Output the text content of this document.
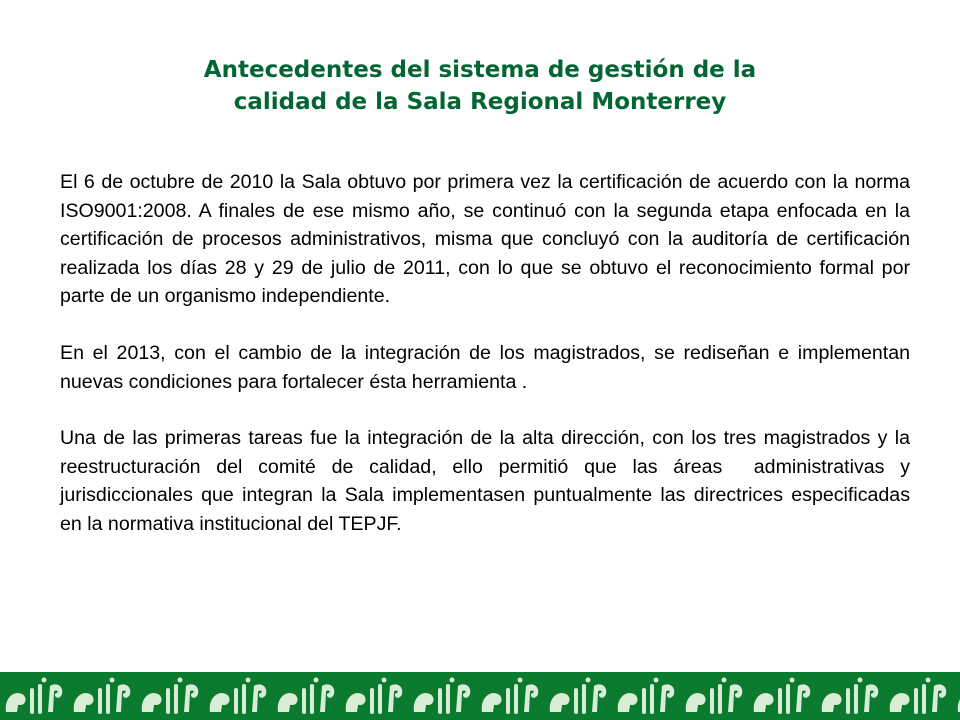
Antecedentes del sistema de gestión de la
calidad de la Sala Regional Monterrey

El 6 de octubre de 2010 la Sala obtuvo por primera vez la certificación de acuerdo con la norma ISO9001:2008. A finales de ese mismo año, se continuó con la segunda etapa enfocada en la certificación de procesos administrativos, misma que concluyó con la auditoría de certificación realizada los días 28 y 29 de julio de 2011, con lo que se obtuvo el reconocimiento formal por parte de un organismo independiente.

En el 2013, con el cambio de la integración de los magistrados, se rediseñan e implementan nuevas condiciones para fortalecer ésta herramienta .

Una de las primeras tareas fue la integración de la alta dirección, con los tres magistrados y la reestructuración del comité de calidad, ello permitió que las áreas  administrativas y jurisdiccionales que integran la Sala implementasen puntualmente las directrices especificadas en la normativa institucional del TEPJF.
